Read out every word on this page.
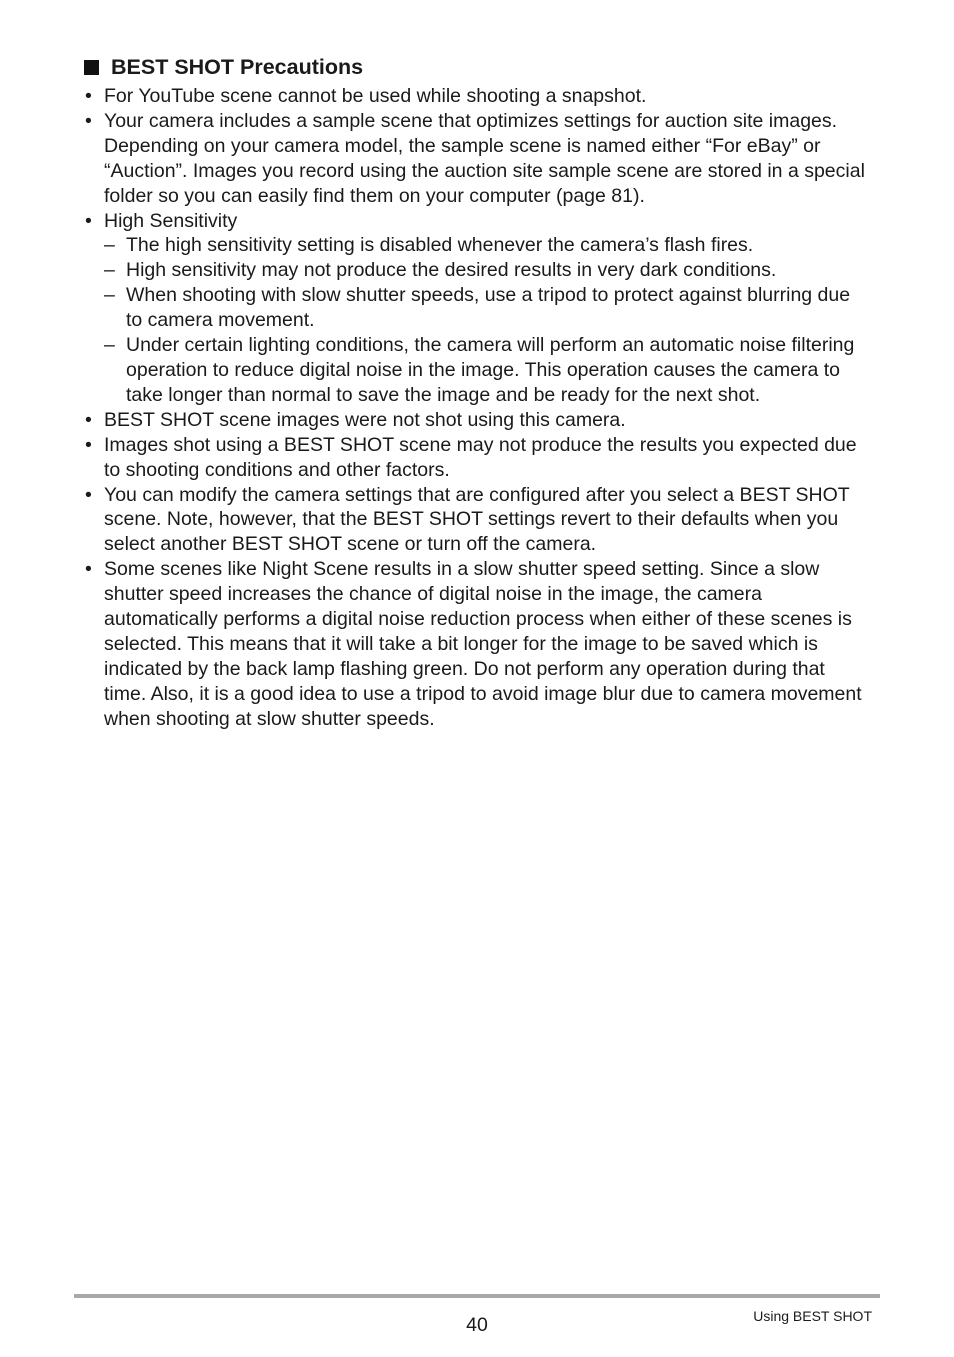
BEST SHOT Precautions
• For YouTube scene cannot be used while shooting a snapshot.
• Your camera includes a sample scene that optimizes settings for auction site images. Depending on your camera model, the sample scene is named either “For eBay” or “Auction”. Images you record using the auction site sample scene are stored in a special folder so you can easily find them on your computer (page 81).
• High Sensitivity
– The high sensitivity setting is disabled whenever the camera’s flash fires.
– High sensitivity may not produce the desired results in very dark conditions.
– When shooting with slow shutter speeds, use a tripod to protect against blurring due to camera movement.
– Under certain lighting conditions, the camera will perform an automatic noise filtering operation to reduce digital noise in the image. This operation causes the camera to take longer than normal to save the image and be ready for the next shot.
• BEST SHOT scene images were not shot using this camera.
• Images shot using a BEST SHOT scene may not produce the results you expected due to shooting conditions and other factors.
• You can modify the camera settings that are configured after you select a BEST SHOT scene. Note, however, that the BEST SHOT settings revert to their defaults when you select another BEST SHOT scene or turn off the camera.
• Some scenes like Night Scene results in a slow shutter speed setting. Since a slow shutter speed increases the chance of digital noise in the image, the camera automatically performs a digital noise reduction process when either of these scenes is selected. This means that it will take a bit longer for the image to be saved which is indicated by the back lamp flashing green. Do not perform any operation during that time. Also, it is a good idea to use a tripod to avoid image blur due to camera movement when shooting at slow shutter speeds.
40	Using BEST SHOT
